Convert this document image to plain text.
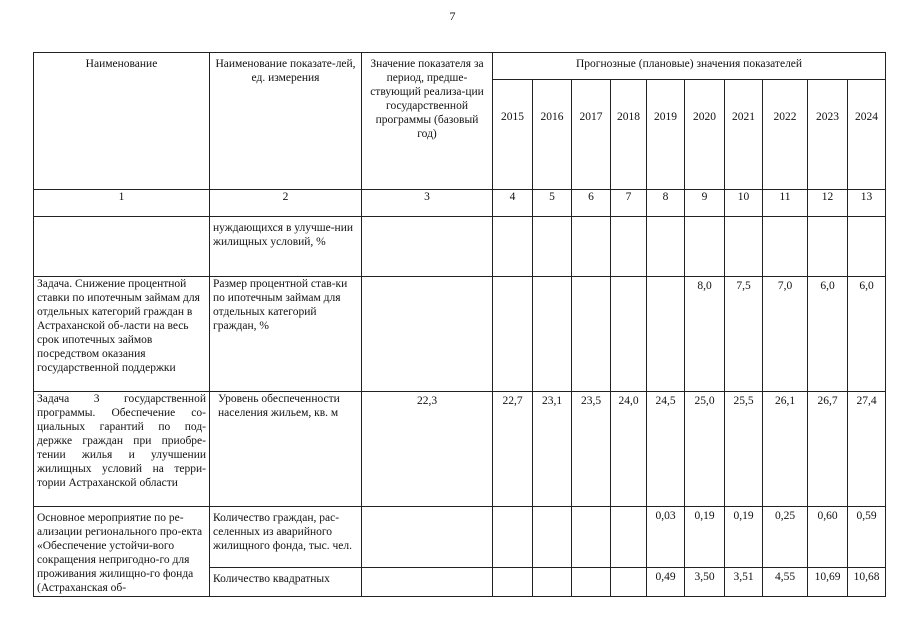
7
Наименование	Наименование показате-лей, ед. измерения	Значение показателя за период, предше-ствующий реализа-ции государственной программы (базовый год)	Прогнозные (плановые) значения показателей									
			2015	2016	2017	2018	2019	2020	2021	2022	2023	2024
1	2	3	4	5	6	7	8	9	10	11	12	13
	нуждающихся в улучше-нии жилищных условий, %											
Задача. Снижение процентной ставки по ипотечным займам для отдельных категорий граждан в Астраханской об-ласти на весь срок ипотечных займов посредством оказания государственной поддержки	Размер процентной став-ки по ипотечным займам для отдельных категорий граждан, %							8,0	7,5	7,0	6,0	6,0
Задача 3 государственной программы. Обеспечение со-циальных гарантий по под-держке граждан при приобре-тении жилья и улучшении жилищных условий на терри-тории Астраханской области	Уровень обеспеченности населения жильем, кв. м	22,3	22,7	23,1	23,5	24,0	24,5	25,0	25,5	26,1	26,7	27,4
Основное мероприятие по ре-ализации регионального про-екта «Обеспечение устойчи-вого сокращения непригодно-го для проживания жилищно-го фонда (Астраханская об-	Количество граждан, рас-селенных из аварийного жилищного фонда, тыс. чел.						0,03	0,19	0,19	0,25	0,60	0,59
	Количество квадратных						0,49	3,50	3,51	4,55	10,69	10,68
